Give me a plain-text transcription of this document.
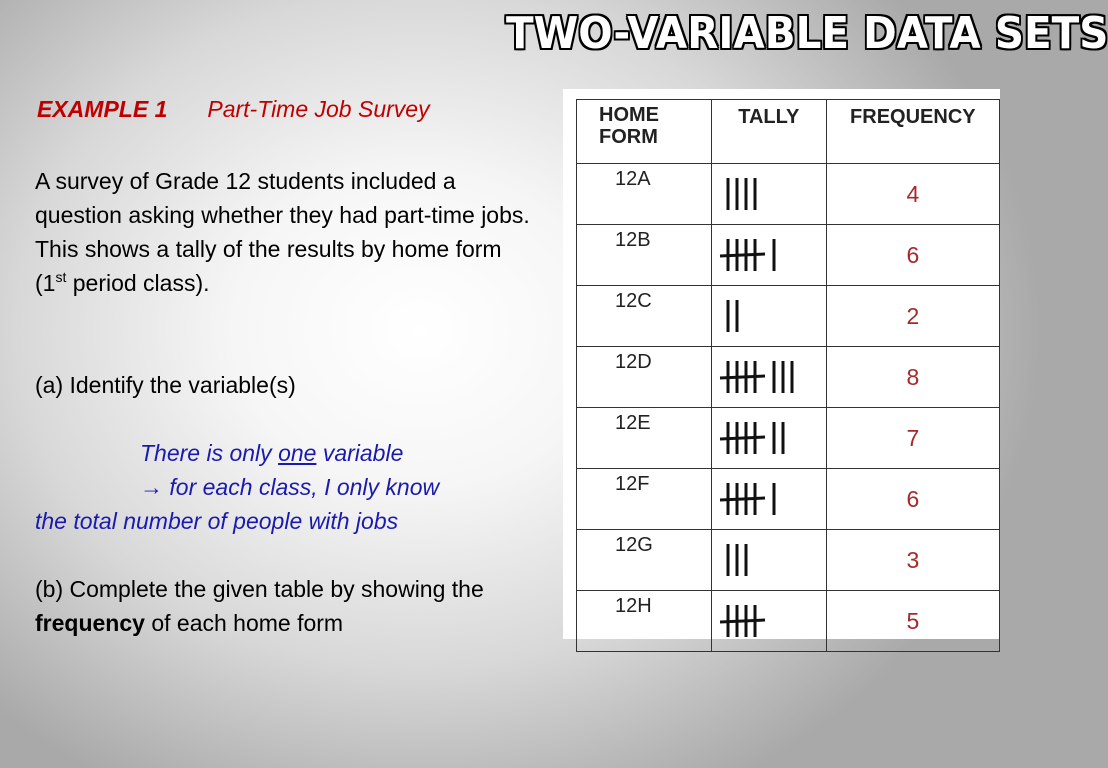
TWO-VARIABLE DATA SETS
EXAMPLE 1 Part-Time Job Survey
A survey of Grade 12 students included a question asking whether they had part-time jobs. This shows a tally of the results by home form (1st period class).
(a) Identify the variable(s)
There is only one variable
→ for each class, I only know
the total number of people with jobs
(b) Complete the given table by showing the frequency of each home form
HOME FORM	TALLY	FREQUENCY
12A		4
12B		6
12C		2
12D		8
12E		7
12F		6
12G		3
12H		5
